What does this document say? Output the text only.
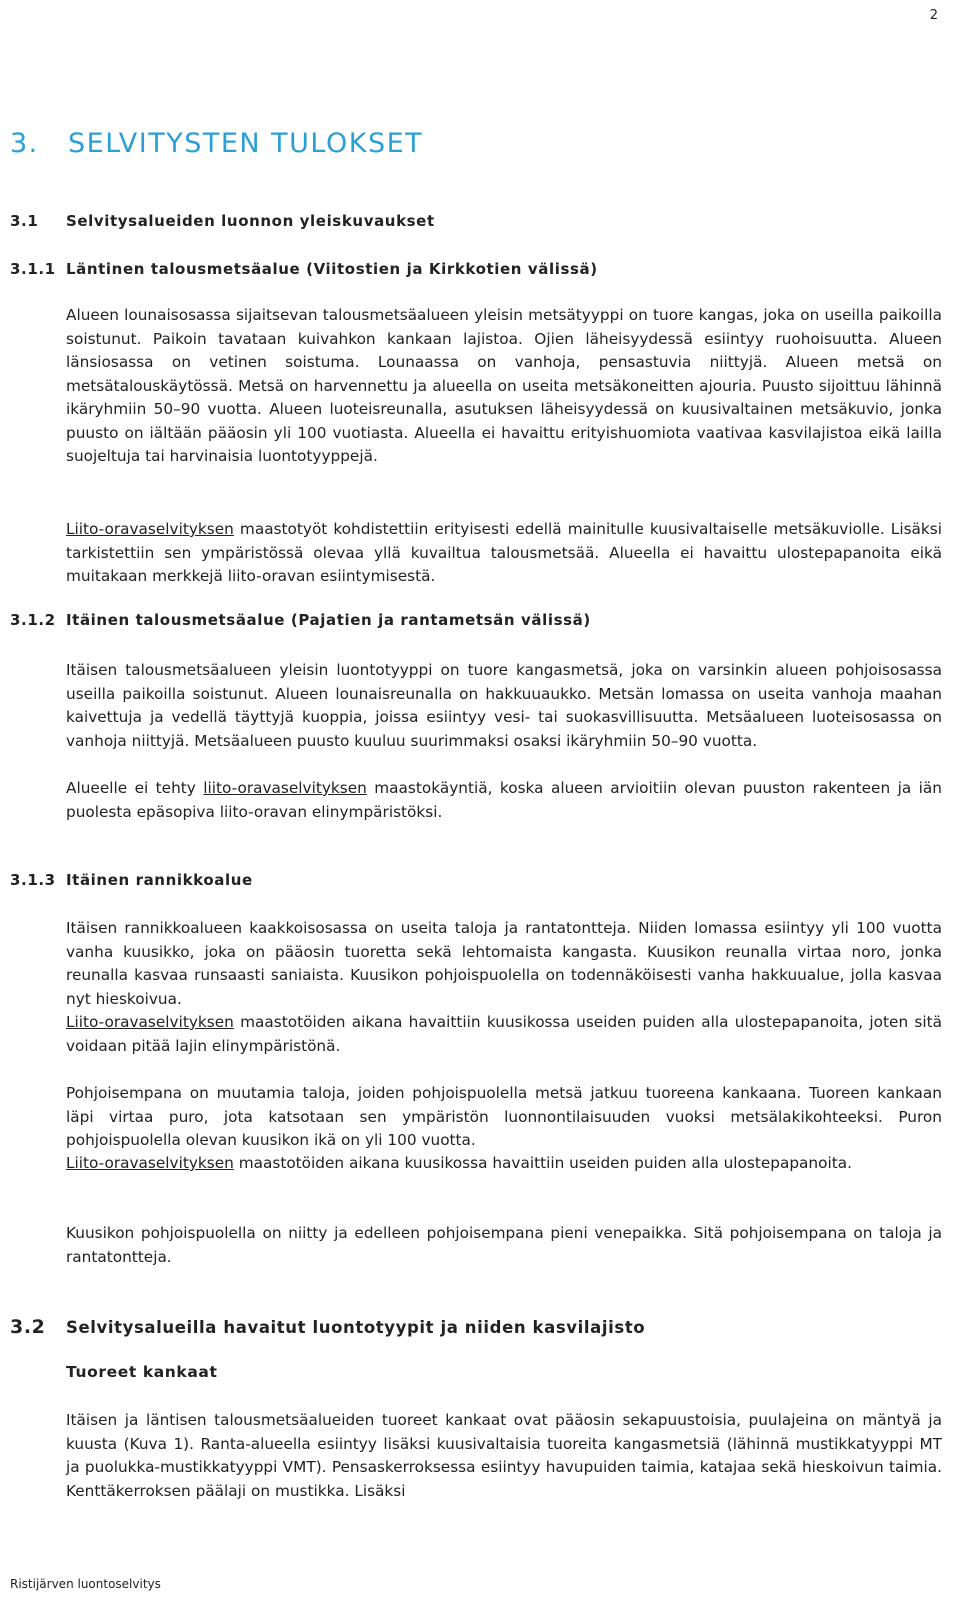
2
3. SELVITYSTEN TULOKSET
3.1 Selvitysalueiden luonnon yleiskuvaukset
3.1.1 Läntinen talousmetsäalue (Viitostien ja Kirkkotien välissä)

Alueen lounaisosassa sijaitsevan talousmetsäalueen yleisin metsätyyppi on tuore kangas, joka on useilla paikoilla soistunut. Paikoin tavataan kuivahkon kankaan lajistoa. Ojien läheisyydessä esiintyy ruohoisuutta. Alueen länsiosassa on vetinen soistuma. Lounaassa on vanhoja, pensastuvia niittyjä. Alueen metsä on metsätalouskäytössä. Metsä on harvennettu ja alueella on useita metsäkoneitten ajouria. Puusto sijoittuu lähinnä ikäryhmiin 50–90 vuotta. Alueen luoteisreunalla, asutuksen läheisyydessä on kuusivaltainen metsäkuvio, jonka puusto on iältään pääosin yli 100 vuotiasta. Alueella ei havaittu erityishuomiota vaativaa kasvilajistoa eikä lailla suojeltuja tai harvinaisia luontotyyppejä.

Liito-oravaselvityksen maastotyöt kohdistettiin erityisesti edellä mainitulle kuusivaltaiselle metsäkuviolle. Lisäksi tarkistettiin sen ympäristössä olevaa yllä kuvailtua talousmetsää. Alueella ei havaittu ulostepapanoita eikä muitakaan merkkejä liito-oravan esiintymisestä.

3.1.2 Itäinen talousmetsäalue (Pajatien ja rantametsän välissä)

Itäisen talousmetsäalueen yleisin luontotyyppi on tuore kangasmetsä, joka on varsinkin alueen pohjoisosassa useilla paikoilla soistunut. Alueen lounaisreunalla on hakkuuaukko. Metsän lomassa on useita vanhoja maahan kaivettuja ja vedellä täyttyjä kuoppia, joissa esiintyy vesi- tai suokasvillisuutta. Metsäalueen luoteisosassa on vanhoja niittyjä. Metsäalueen puusto kuuluu suurimmaksi osaksi ikäryhmiin 50–90 vuotta.

Alueelle ei tehty liito-oravaselvityksen maastokäyntiä, koska alueen arvioitiin olevan puuston rakenteen ja iän puolesta epäsopiva liito-oravan elinympäristöksi.

3.1.3 Itäinen rannikkoalue

Itäisen rannikkoalueen kaakkoisosassa on useita taloja ja rantatontteja. Niiden lomassa esiintyy yli 100 vuotta vanha kuusikko, joka on pääosin tuoretta sekä lehtomaista kangasta. Kuusikon reunalla virtaa noro, jonka reunalla kasvaa runsaasti saniaista. Kuusikon pohjoispuolella on todennäköisesti vanha hakkuualue, jolla kasvaa nyt hieskoivua.

Liito-oravaselvityksen maastotöiden aikana havaittiin kuusikossa useiden puiden alla ulostepapanoita, joten sitä voidaan pitää lajin elinympäristönä.

Pohjoisempana on muutamia taloja, joiden pohjoispuolella metsä jatkuu tuoreena kankaana. Tuoreen kankaan läpi virtaa puro, jota katsotaan sen ympäristön luonnontilaisuuden vuoksi metsälakikohteeksi. Puron pohjoispuolella olevan kuusikon ikä on yli 100 vuotta.

Liito-oravaselvityksen maastotöiden aikana kuusikossa havaittiin useiden puiden alla ulostepapanoita.

Kuusikon pohjoispuolella on niitty ja edelleen pohjoisempana pieni venepaikka. Sitä pohjoisempana on taloja ja rantatontteja.

3.2 Selvitysalueilla havaitut luontotyypit ja niiden kasvilajisto
Tuoreet kankaat

Itäisen ja läntisen talousmetsäalueiden tuoreet kankaat ovat pääosin sekapuustoisia, puulajeina on mäntyä ja kuusta (Kuva 1). Ranta-alueella esiintyy lisäksi kuusivaltaisia tuoreita kangasmetsiä (lähinnä mustikkatyyppi MT ja puolukka-mustikkatyyppi VMT). Pensaskerroksessa esiintyy havupuiden taimia, katajaa sekä hieskoivun taimia. Kenttäkerroksen päälaji on mustikka. Lisäksi

Ristijärven luontoselvitys
